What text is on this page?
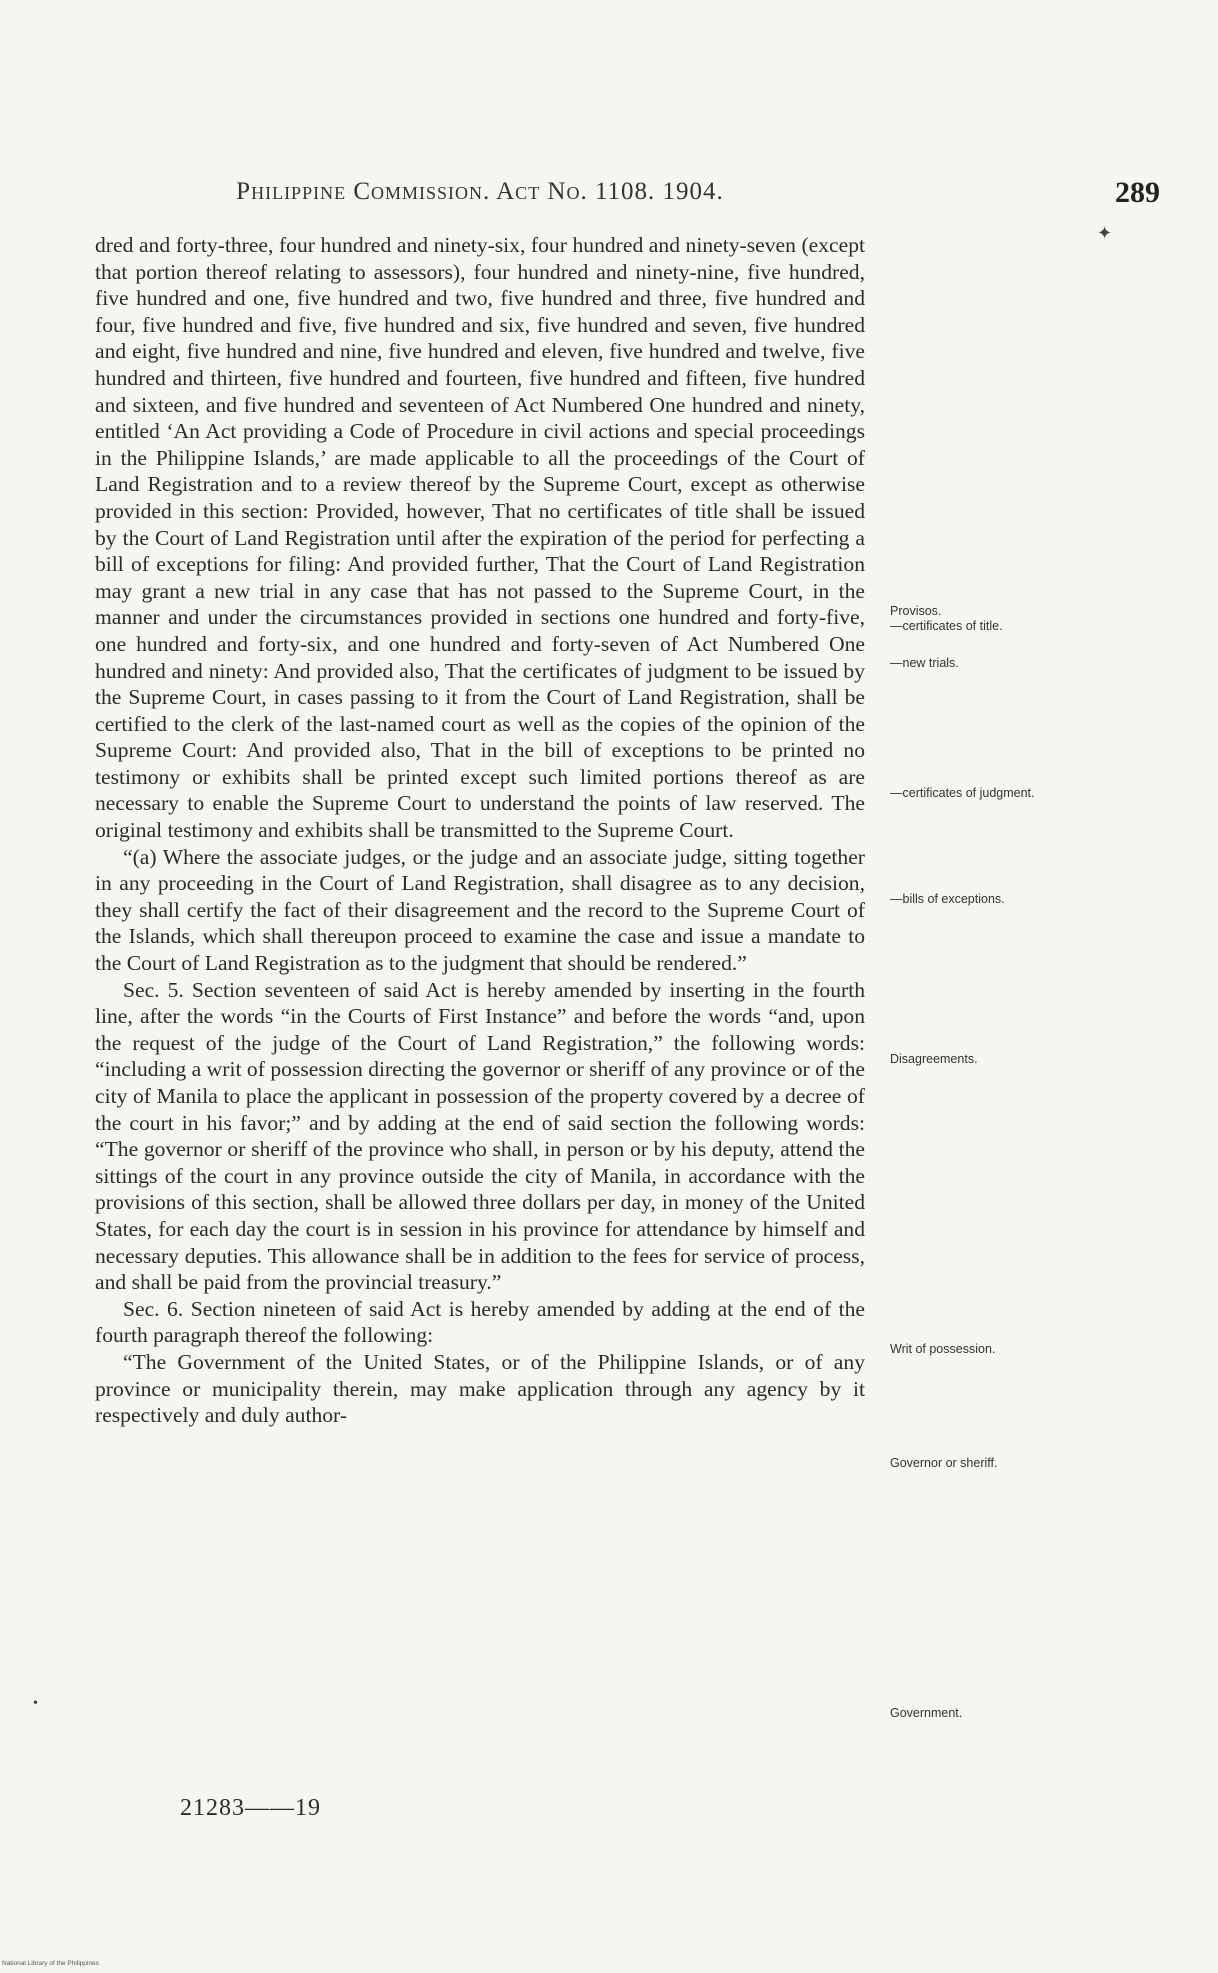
Philippine Commission. Act No. 1108. 1904.	289
✦

dred and forty-three, four hundred and ninety-six, four hundred and ninety-seven (except that portion thereof relating to assessors), four hundred and ninety-nine, five hundred, five hundred and one, five hundred and two, five hundred and three, five hundred and four, five hundred and five, five hundred and six, five hundred and seven, five hundred and eight, five hundred and nine, five hundred and eleven, five hundred and twelve, five hundred and thirteen, five hundred and fourteen, five hundred and fifteen, five hundred and sixteen, and five hundred and seventeen of Act Numbered One hundred and ninety, entitled ‘An Act providing a Code of Procedure in civil actions and special proceedings in the Philippine Islands,’ are made applicable to all the proceedings of the Court of Land Registration and to a review thereof by the Supreme Court, except as otherwise provided in this section: Provided, however, That no certificates of title shall be issued by the Court of Land Registration until after the expiration of the period for perfecting a bill of exceptions for filing: And provided further, That the Court of Land Registration may grant a new trial in any case that has not passed to the Supreme Court, in the manner and under the circumstances provided in sections one hundred and forty-five, one hundred and forty-six, and one hundred and forty-seven of Act Numbered One hundred and ninety: And provided also, That the certificates of judgment to be issued by the Supreme Court, in cases passing to it from the Court of Land Registration, shall be certified to the clerk of the last-named court as well as the copies of the opinion of the Supreme Court: And provided also, That in the bill of exceptions to be printed no testimony or exhibits shall be printed except such limited portions thereof as are necessary to enable the Supreme Court to understand the points of law reserved. The original testimony and exhibits shall be transmitted to the Supreme Court.

“(a) Where the associate judges, or the judge and an associate judge, sitting together in any proceeding in the Court of Land Registration, shall disagree as to any decision, they shall certify the fact of their disagreement and the record to the Supreme Court of the Islands, which shall thereupon proceed to examine the case and issue a mandate to the Court of Land Registration as to the judgment that should be rendered.”

Sec. 5. Section seventeen of said Act is hereby amended by inserting in the fourth line, after the words “in the Courts of First Instance” and before the words “and, upon the request of the judge of the Court of Land Registration,” the following words: “including a writ of possession directing the governor or sheriff of any province or of the city of Manila to place the applicant in possession of the property covered by a decree of the court in his favor;” and by adding at the end of said section the following words: “The governor or sheriff of the province who shall, in person or by his deputy, attend the sittings of the court in any province outside the city of Manila, in accordance with the provisions of this section, shall be allowed three dollars per day, in money of the United States, for each day the court is in session in his province for attendance by himself and necessary deputies. This allowance shall be in addition to the fees for service of process, and shall be paid from the provincial treasury.”

Sec. 6. Section nineteen of said Act is hereby amended by adding at the end of the fourth paragraph thereof the following:

“The Government of the United States, or of the Philippine Islands, or of any province or municipality therein, may make application through any agency by it respectively and duly author-

Provisos.
—certificates of title.
—new trials.
—certificates of judgment.
—bills of exceptions.
Disagreements.
Writ of possession.
Governor or sheriff.
Government.
•
21283——19
National Library of the Philippines
